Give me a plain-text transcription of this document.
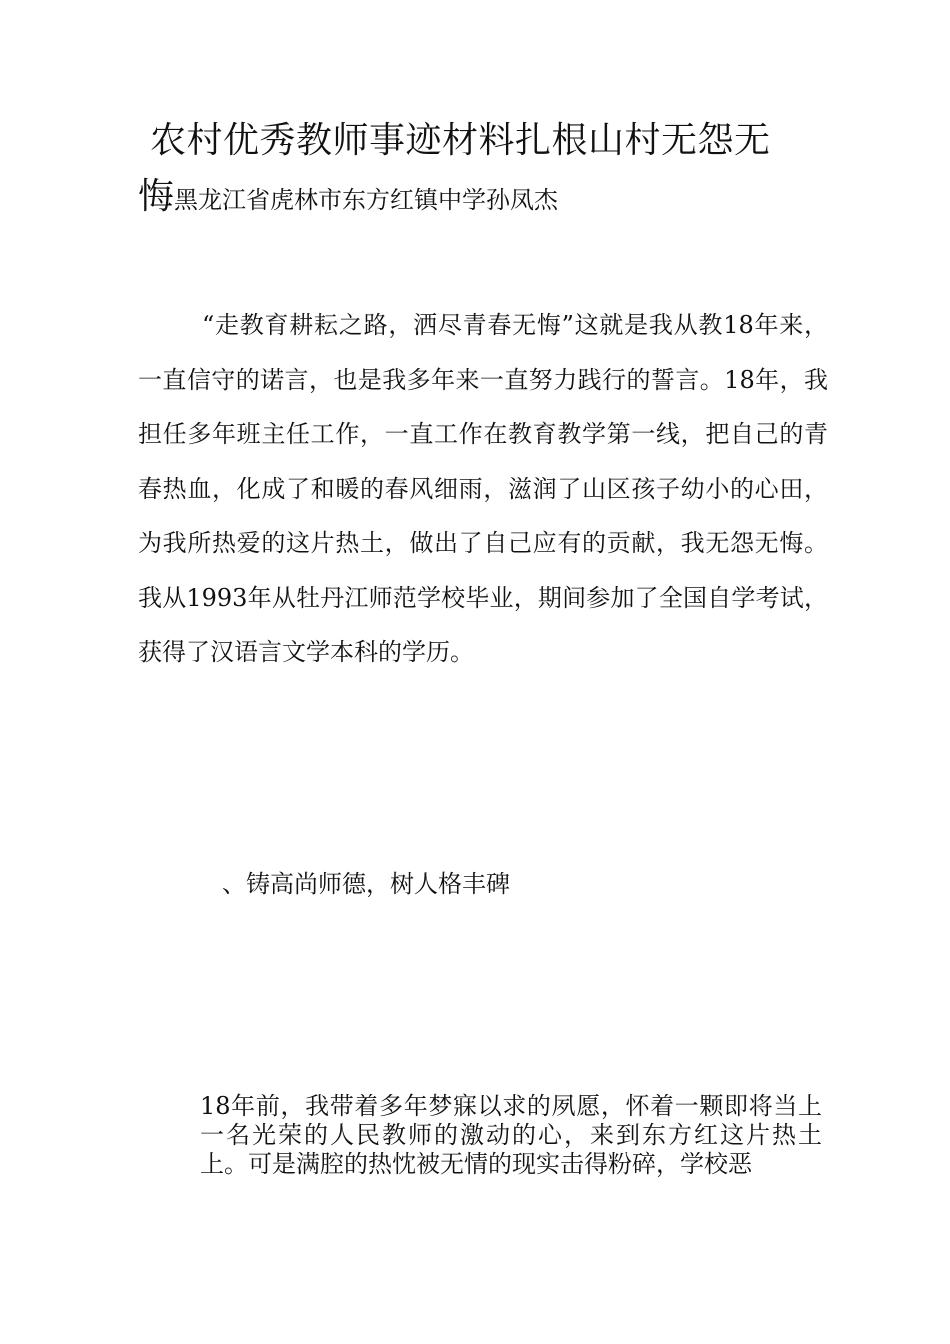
农村优秀教师事迹材料扎根山村无怨无
悔黑龙江省虎林市东方红镇中学孙凤杰

“走教育耕耘之路，洒尽青春无悔”这就是我从教18年来，一直信守的诺言，也是我多年来一直努力践行的誓言。18年，我担任多年班主任工作，一直工作在教育教学第一线，把自己的青春热血，化成了和暖的春风细雨，滋润了山区孩子幼小的心田，为我所热爱的这片热土，做出了自己应有的贡献，我无怨无悔。我从1993年从牡丹江师范学校毕业，期间参加了全国自学考试，获得了汉语言文学本科的学历。

、铸高尚师德，树人格丰碑

18年前，我带着多年梦寐以求的夙愿，怀着一颗即将当上一名光荣的人民教师的激动的心，来到东方红这片热土上。可是满腔的热忱被无情的现实击得粉碎，学校恶
